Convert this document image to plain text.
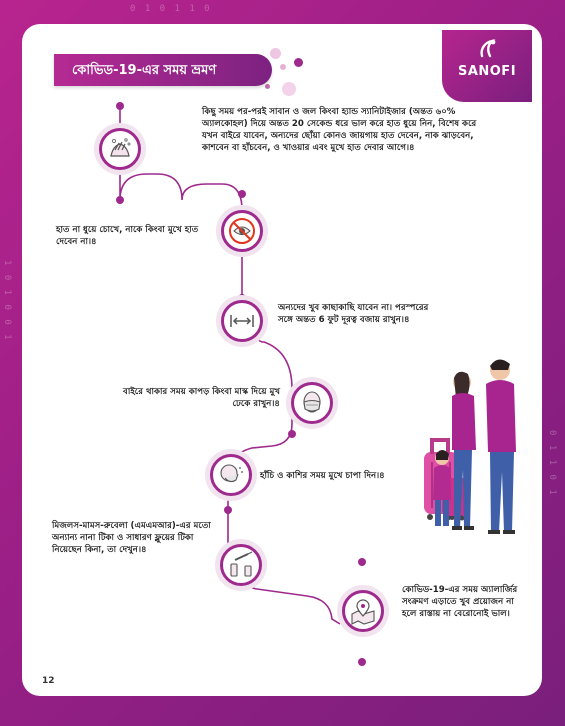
0 1 0 1 1 0
1 0 1 0 0 1
0 1 1 0 1
SANOFI
কোভিড-19-এর সময় ভ্রমণ
কিছু সময় পর-পরই সাবান ও জল কিংবা হ্যান্ড স্যানিটাইজার (অন্তত ৬০% অ্যালকোহল) দিয়ে অন্তত 20 সেকেন্ড ধরে ভাল করে হাত ধুয়ে নিন, বিশেষ করে যখন বাইরে যাবেন, অন্যদের ছোঁয়া কোনও জায়গায় হাত দেবেন, নাক ঝাড়বেন, কাশবেন বা হাঁচবেন, ও খাওয়ার এবং মুখে হাত দেবার আগে।৪
হাত না ধুয়ে চোখে, নাকে কিংবা মুখে হাত দেবেন না।৪
অন্যদের খুব কাছাকাছি যাবেন না। পরস্পরের সঙ্গে অন্তত 6 ফুট দূরত্ব বজায় রাখুন।৪
বাইরে থাকার সময় কাপড় কিংবা মাস্ক দিয়ে মুখ ঢেকে রাখুন।৪
হাঁচি ও কাশির সময় মুখে চাপা দিন।৪
মিজলস-মামস-রুবেলা (এমএমআর)-এর মতো অন্যান্য নানা টিকা ও সাধারণ ফ্লুয়ের টিকা নিয়েছেন কিনা, তা দেখুন।৪
কোভিড-19-এর সময় অ্যালার্জির সংক্রমণ এড়াতে খুব প্রয়োজন না হলে রাস্তায় না বেরোনোই ভাল।
12
